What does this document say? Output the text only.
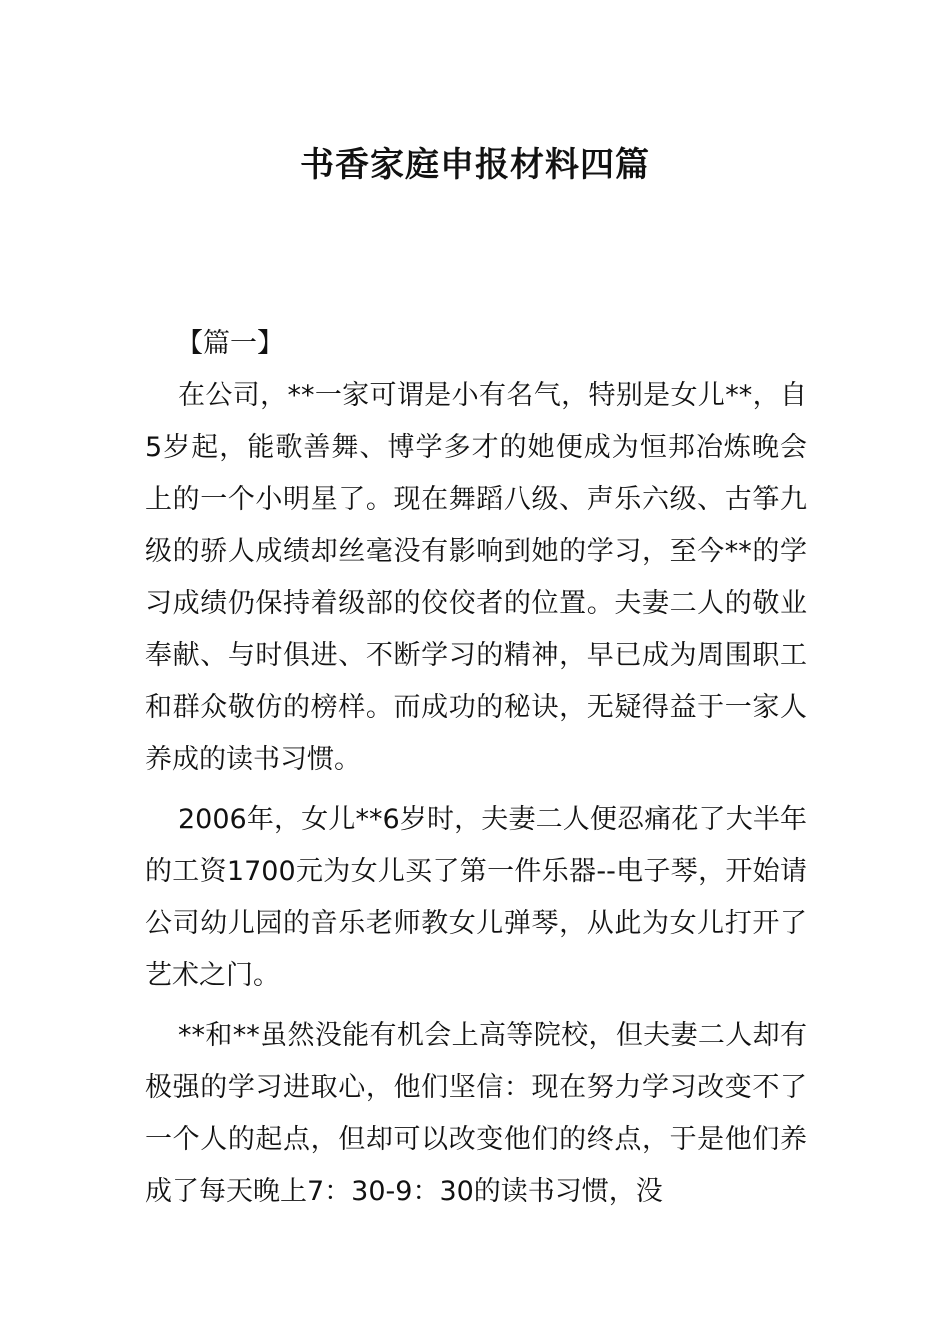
书香家庭申报材料四篇

【篇一】

在公司，**一家可谓是小有名气，特别是女儿**，自5岁起，能歌善舞、博学多才的她便成为恒邦冶炼晚会上的一个小明星了。现在舞蹈八级、声乐六级、古筝九级的骄人成绩却丝毫没有影响到她的学习，至今**的学习成绩仍保持着级部的佼佼者的位置。夫妻二人的敬业奉献、与时俱进、不断学习的精神，早已成为周围职工和群众敬仿的榜样。而成功的秘诀，无疑得益于一家人养成的读书习惯。

2006年，女儿**6岁时，夫妻二人便忍痛花了大半年的工资1700元为女儿买了第一件乐器--电子琴，开始请公司幼儿园的音乐老师教女儿弹琴，从此为女儿打开了艺术之门。

**和**虽然没能有机会上高等院校，但夫妻二人却有极强的学习进取心，他们坚信：现在努力学习改变不了一个人的起点，但却可以改变他们的终点，于是他们养成了每天晚上7：30-9：30的读书习惯，没
